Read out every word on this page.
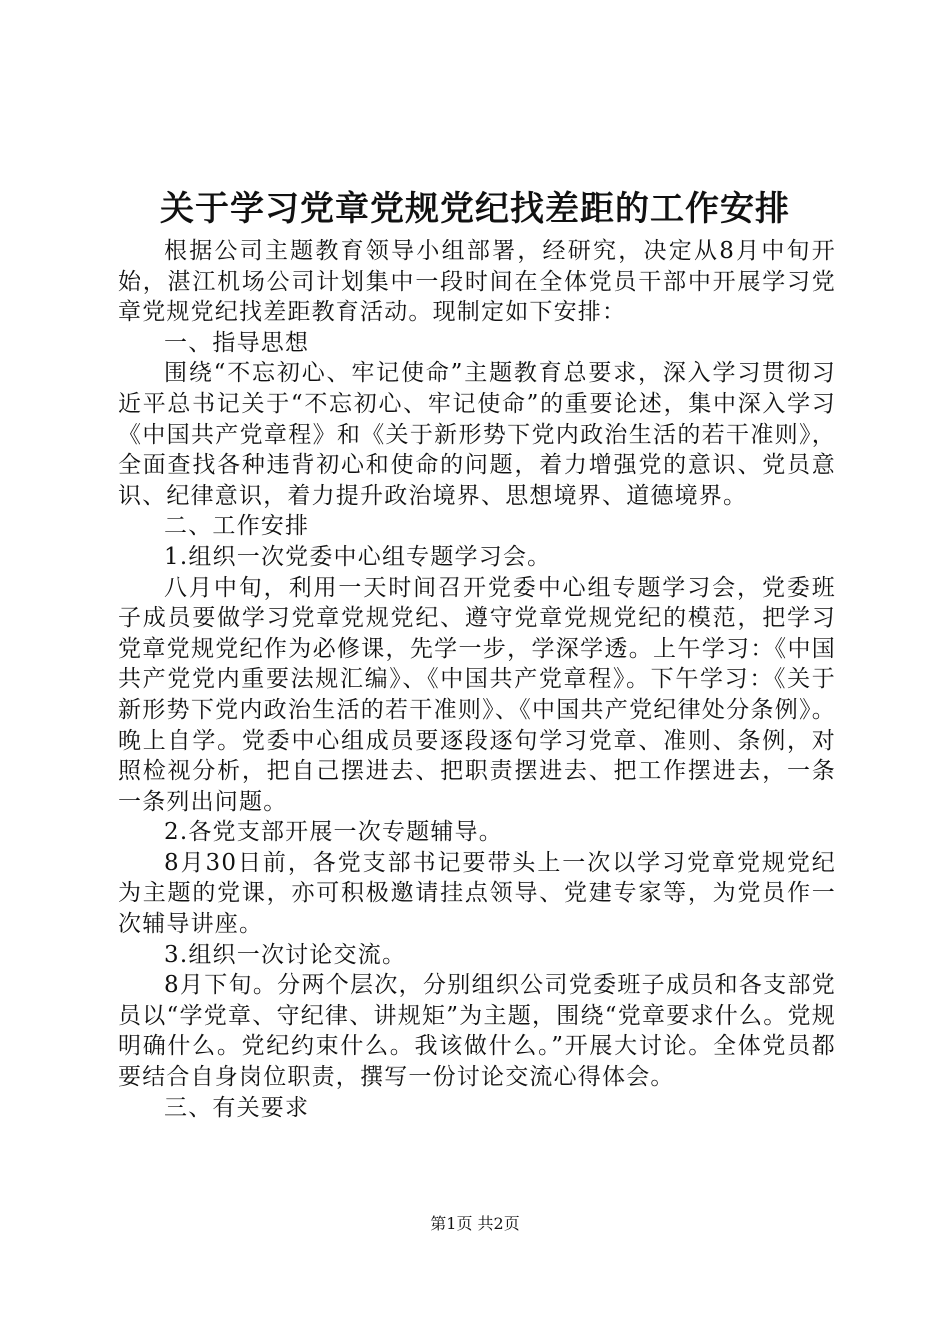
关于学习党章党规党纪找差距的工作安排

根据公司主题教育领导小组部署，经研究，决定从8月中旬开始，湛江机场公司计划集中一段时间在全体党员干部中开展学习党章党规党纪找差距教育活动。现制定如下安排：

一、指导思想

围绕“不忘初心、牢记使命”主题教育总要求，深入学习贯彻习近平总书记关于“不忘初心、牢记使命”的重要论述，集中深入学习《中国共产党章程》和《关于新形势下党内政治生活的若干准则》，全面查找各种违背初心和使命的问题，着力增强党的意识、党员意识、纪律意识，着力提升政治境界、思想境界、道德境界。

二、工作安排

1.组织一次党委中心组专题学习会。

八月中旬，利用一天时间召开党委中心组专题学习会，党委班子成员要做学习党章党规党纪、遵守党章党规党纪的模范，把学习党章党规党纪作为必修课，先学一步，学深学透。上午学习：《中国共产党党内重要法规汇编》、《中国共产党章程》。下午学习：《关于新形势下党内政治生活的若干准则》、《中国共产党纪律处分条例》。晚上自学。党委中心组成员要逐段逐句学习党章、准则、条例，对照检视分析，把自己摆进去、把职责摆进去、把工作摆进去，一条一条列出问题。

2.各党支部开展一次专题辅导。

8月30日前，各党支部书记要带头上一次以学习党章党规党纪为主题的党课，亦可积极邀请挂点领导、党建专家等，为党员作一次辅导讲座。

3.组织一次讨论交流。

8月下旬。分两个层次，分别组织公司党委班子成员和各支部党员以“学党章、守纪律、讲规矩”为主题，围绕“党章要求什么。党规明确什么。党纪约束什么。我该做什么。”开展大讨论。全体党员都要结合自身岗位职责，撰写一份讨论交流心得体会。

三、有关要求

第1页 共2页
